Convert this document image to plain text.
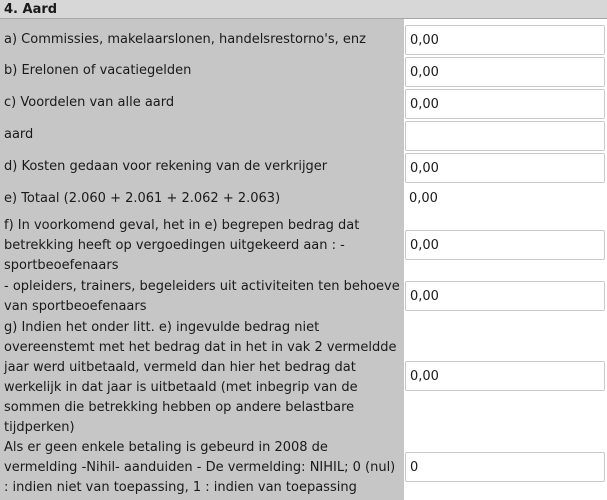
4. Aard
a) Commissies, makelaarslonen, handelsrestorno's, enz
0,00
b) Erelonen of vacatiegelden
0,00
c) Voordelen van alle aard
0,00
aard
d) Kosten gedaan voor rekening van de verkrijger
0,00
e) Totaal (2.060 + 2.061 + 2.062 + 2.063)	0,00
f) In voorkomend geval, het in e) begrepen bedrag dat betrekking heeft op vergoedingen uitgekeerd aan : - sportbeoefenaars
0,00
- opleiders, trainers, begeleiders uit activiteiten ten behoeve van sportbeoefenaars
0,00
g) Indien het onder litt. e) ingevulde bedrag niet overeenstemt met het bedrag dat in het in vak 2 vermeldde jaar werd uitbetaald, vermeld dan hier het bedrag dat werkelijk in dat jaar is uitbetaald (met inbegrip van de sommen die betrekking hebben op andere belastbare tijdperken)
0,00
Als er geen enkele betaling is gebeurd in 2008 de vermelding -Nihil- aanduiden - De vermelding: NIHIL; 0 (nul) : indien niet van toepassing, 1 : indien van toepassing
0
